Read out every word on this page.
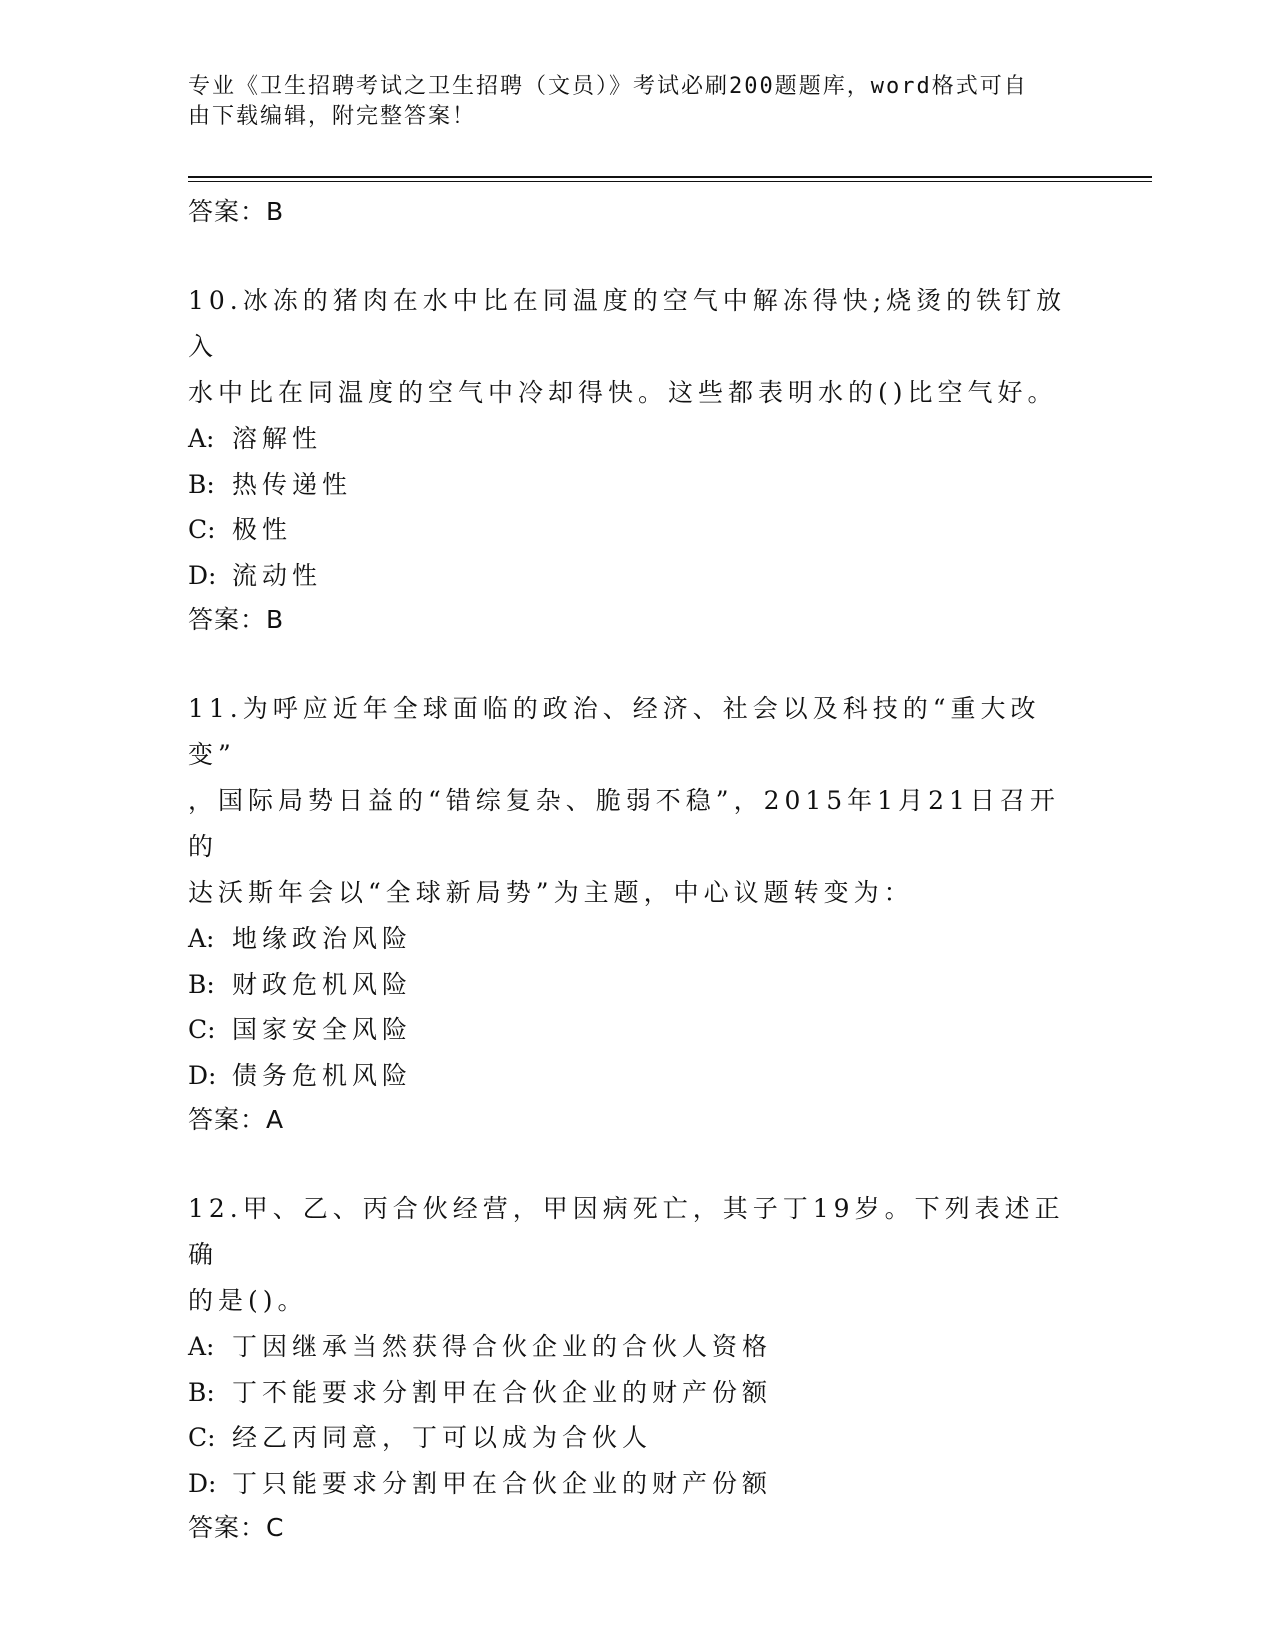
专业《卫生招聘考试之卫生招聘（文员）》考试必刷200题题库，word格式可自
由下载编辑，附完整答案！
答案：B
10.冰冻的猪肉在水中比在同温度的空气中解冻得快;烧烫的铁钉放入
水中比在同温度的空气中冷却得快。这些都表明水的()比空气好。
A: 溶解性
B: 热传递性
C: 极性
D: 流动性
答案：B
11.为呼应近年全球面临的政治、经济、社会以及科技的“重大改变”
，国际局势日益的“错综复杂、脆弱不稳”，2015年1月21日召开的
达沃斯年会以“全球新局势”为主题，中心议题转变为：
A: 地缘政治风险
B: 财政危机风险
C: 国家安全风险
D: 债务危机风险
答案：A
12.甲、乙、丙合伙经营，甲因病死亡，其子丁19岁。下列表述正确
的是()。
A: 丁因继承当然获得合伙企业的合伙人资格
B: 丁不能要求分割甲在合伙企业的财产份额
C: 经乙丙同意，丁可以成为合伙人
D: 丁只能要求分割甲在合伙企业的财产份额
答案：C
